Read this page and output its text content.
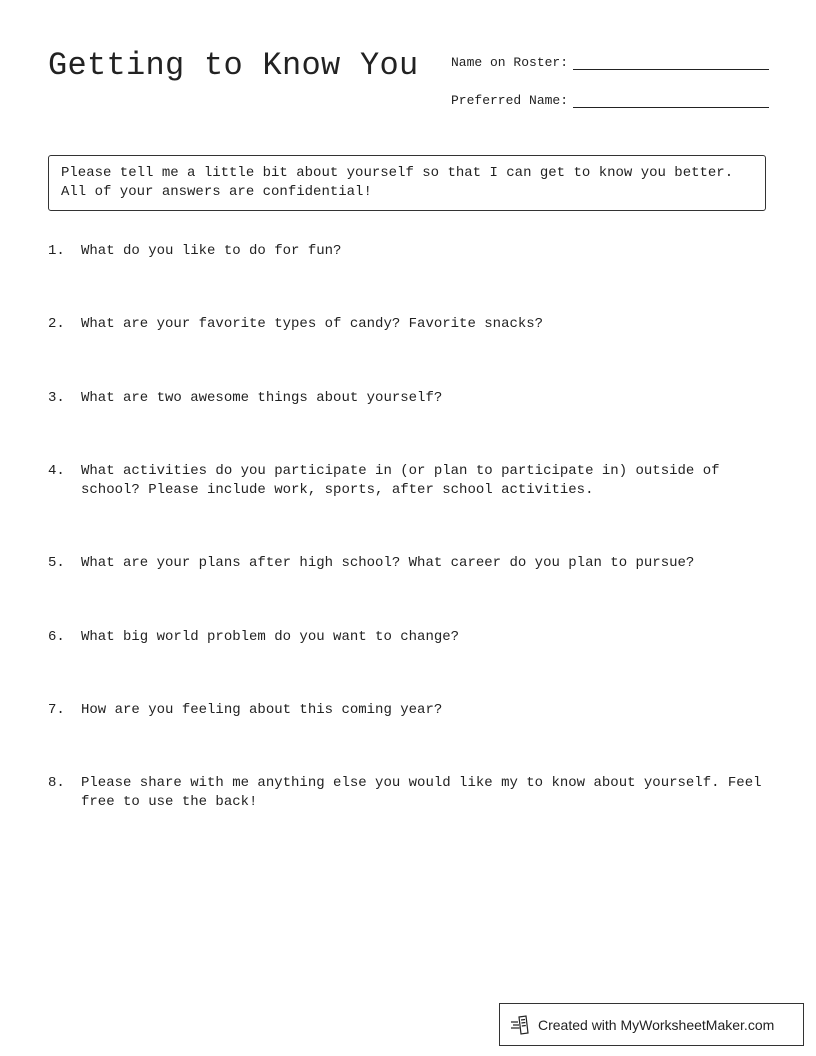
Getting to Know You Name on Roster:
Preferred Name:
Please tell me a little bit about yourself so that I can get to know you better. All of your answers are confidential!
1.	What do you like to do for fun?
2.	What are your favorite types of candy? Favorite snacks?
3.	What are two awesome things about yourself?
4.	What activities do you participate in (or plan to participate in) outside of school? Please include work, sports, after school activities.
5.	What are your plans after high school? What career do you plan to pursue?
6.	What big world problem do you want to change?
7.	How are you feeling about this coming year?
8.	Please share with me anything else you would like my to know about yourself. Feel free to use the back!
Created with MyWorksheetMaker.com
